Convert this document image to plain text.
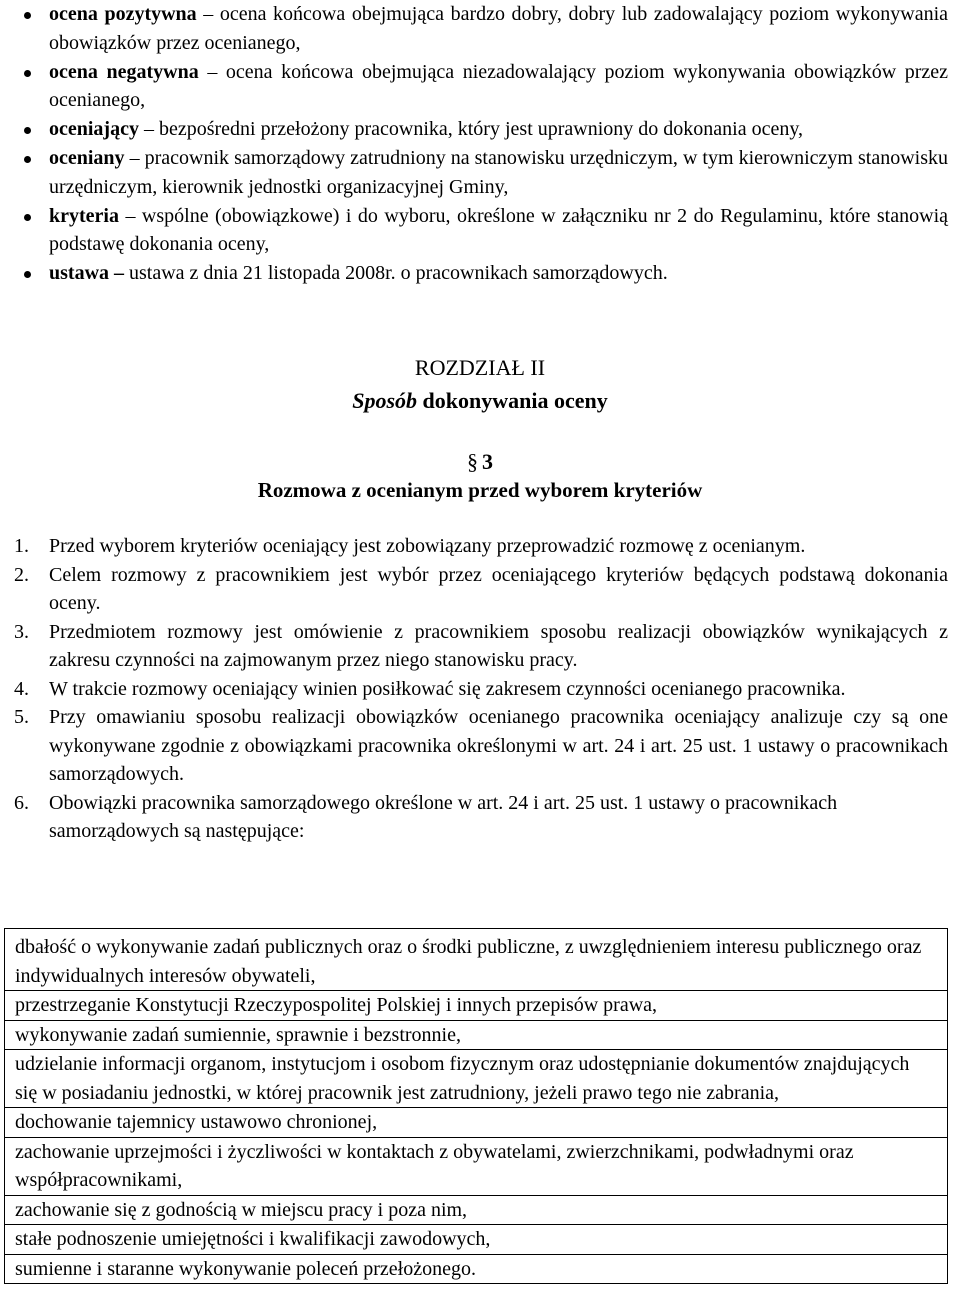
ocena pozytywna – ocena końcowa obejmująca bardzo dobry, dobry lub zadowalający poziom wykonywania obowiązków przez ocenianego,
ocena negatywna – ocena końcowa obejmująca niezadowalający poziom wykonywania obowiązków przez ocenianego,
oceniający – bezpośredni przełożony pracownika, który jest uprawniony do dokonania oceny,
oceniany – pracownik samorządowy zatrudniony na stanowisku urzędniczym, w tym kierowniczym stanowisku urzędniczym, kierownik jednostki organizacyjnej Gminy,
kryteria – wspólne (obowiązkowe) i do wyboru, określone w załączniku nr 2 do Regulaminu, które stanowią podstawę dokonania oceny,
ustawa – ustawa z dnia 21 listopada 2008r. o pracownikach samorządowych.
ROZDZIAŁ II
Sposób dokonywania oceny
§ 3
Rozmowa z ocenianym przed wyborem kryteriów
1. Przed wyborem kryteriów oceniający jest zobowiązany przeprowadzić rozmowę z ocenianym.
2. Celem rozmowy z pracownikiem jest wybór przez oceniającego kryteriów będących podstawą dokonania oceny.
3. Przedmiotem rozmowy jest omówienie z pracownikiem sposobu realizacji obowiązków wynikających z zakresu czynności na zajmowanym przez niego stanowisku pracy.
4. W trakcie rozmowy oceniający winien posiłkować się zakresem czynności ocenianego pracownika.
5. Przy omawianiu sposobu realizacji obowiązków ocenianego pracownika oceniający analizuje czy są one wykonywane zgodnie z obowiązkami pracownika określonymi w art. 24 i art. 25 ust. 1 ustawy o pracownikach samorządowych.
6. Obowiązki pracownika samorządowego określone w art. 24 i art. 25 ust. 1 ustawy o pracownikach samorządowych są następujące:
dbałość o wykonywanie zadań publicznych oraz o środki publiczne, z uwzględnieniem interesu publicznego oraz indywidualnych interesów obywateli,
przestrzeganie Konstytucji Rzeczypospolitej Polskiej i innych przepisów prawa,
wykonywanie zadań sumiennie, sprawnie i bezstronnie,
udzielanie informacji organom, instytucjom i osobom fizycznym oraz udostępnianie dokumentów znajdujących się w posiadaniu jednostki, w której pracownik jest zatrudniony, jeżeli prawo tego nie zabrania,
dochowanie tajemnicy ustawowo chronionej,
zachowanie uprzejmości i życzliwości w kontaktach z obywatelami, zwierzchnikami, podwładnymi oraz współpracownikami,
zachowanie się z godnością w miejscu pracy i poza nim,
stałe podnoszenie umiejętności i kwalifikacji zawodowych,
sumienne i staranne wykonywanie poleceń przełożonego.
